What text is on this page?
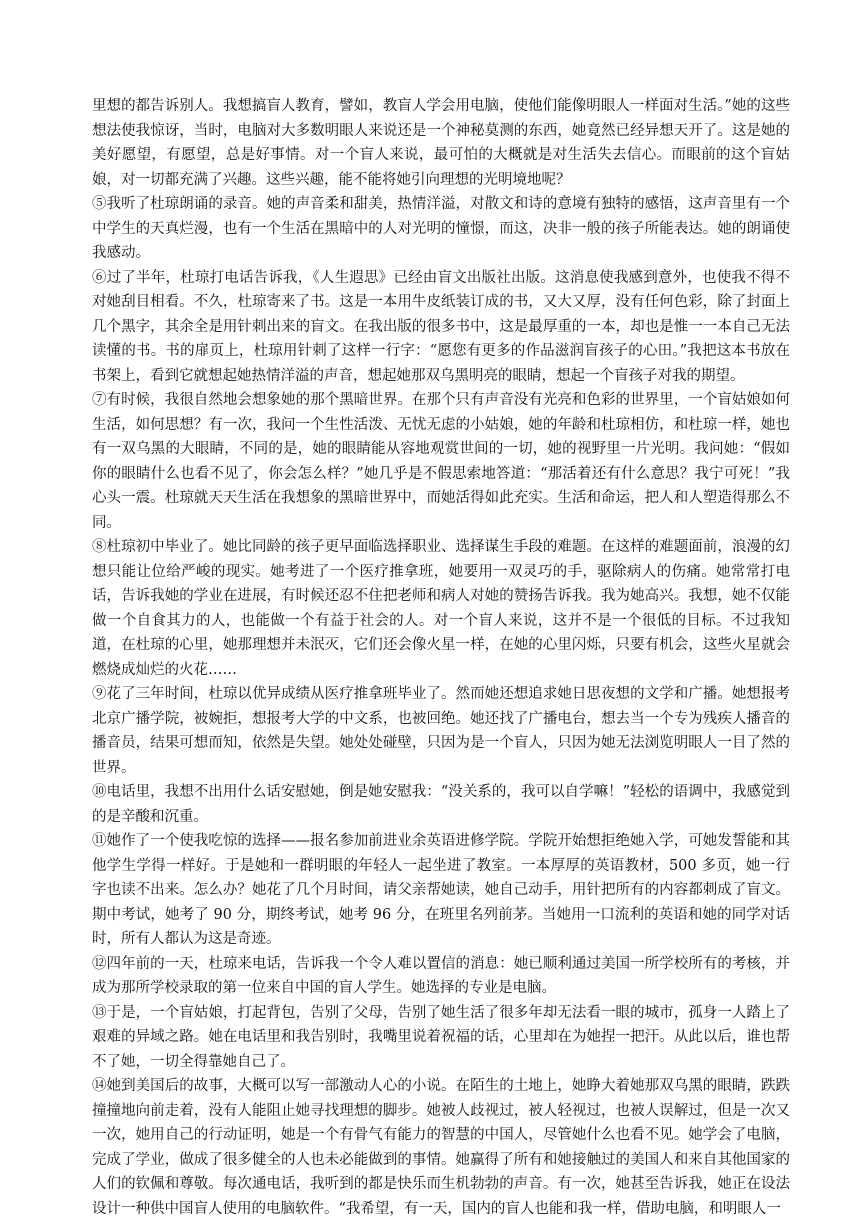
里想的都告诉别人。我想搞盲人教育，譬如，教盲人学会用电脑，使他们能像明眼人一样面对生活。”她的这些想法使我惊讶，当时，电脑对大多数明眼人来说还是一个神秘莫测的东西，她竟然已经异想天开了。这是她的美好愿望，有愿望，总是好事情。对一个盲人来说，最可怕的大概就是对生活失去信心。而眼前的这个盲姑娘，对一切都充满了兴趣。这些兴趣，能不能将她引向理想的光明境地呢？

⑤我听了杜琼朗诵的录音。她的声音柔和甜美，热情洋溢，对散文和诗的意境有独特的感悟，这声音里有一个中学生的天真烂漫，也有一个生活在黑暗中的人对光明的憧憬，而这，决非一般的孩子所能表达。她的朗诵使我感动。

⑥过了半年，杜琼打电话告诉我，《人生遐思》已经由盲文出版社出版。这消息使我感到意外，也使我不得不对她刮目相看。不久，杜琼寄来了书。这是一本用牛皮纸装订成的书，又大又厚，没有任何色彩，除了封面上几个黑字，其余全是用针刺出来的盲文。在我出版的很多书中，这是最厚重的一本，却也是惟一一本自己无法读懂的书。书的扉页上，杜琼用针刺了这样一行字：“愿您有更多的作品滋润盲孩子的心田。”我把这本书放在书架上，看到它就想起她热情洋溢的声音，想起她那双乌黑明亮的眼睛，想起一个盲孩子对我的期望。

⑦有时候，我很自然地会想象她的那个黑暗世界。在那个只有声音没有光亮和色彩的世界里，一个盲姑娘如何生活，如何思想？有一次，我问一个生性活泼、无忧无虑的小姑娘，她的年龄和杜琼相仿，和杜琼一样，她也有一双乌黑的大眼睛，不同的是，她的眼睛能从容地观赏世间的一切，她的视野里一片光明。我问她：“假如你的眼睛什么也看不见了，你会怎么样？”她几乎是不假思索地答道：“那活着还有什么意思？我宁可死！”我心头一震。杜琼就天天生活在我想象的黑暗世界中，而她活得如此充实。生活和命运，把人和人塑造得那么不同。

⑧杜琼初中毕业了。她比同龄的孩子更早面临选择职业、选择谋生手段的难题。在这样的难题面前，浪漫的幻想只能让位给严峻的现实。她考进了一个医疗推拿班，她要用一双灵巧的手，驱除病人的伤痛。她常常打电话，告诉我她的学业在进展，有时候还忍不住把老师和病人对她的赞扬告诉我。我为她高兴。我想，她不仅能做一个自食其力的人，也能做一个有益于社会的人。对一个盲人来说，这并不是一个很低的目标。不过我知道，在杜琼的心里，她那理想并未泯灭，它们还会像火星一样，在她的心里闪烁，只要有机会，这些火星就会燃烧成灿烂的火花……

⑨花了三年时间，杜琼以优异成绩从医疗推拿班毕业了。然而她还想追求她日思夜想的文学和广播。她想报考北京广播学院，被婉拒，想报考大学的中文系，也被回绝。她还找了广播电台，想去当一个专为残疾人播音的播音员，结果可想而知，依然是失望。她处处碰壁，只因为是一个盲人，只因为她无法浏览明眼人一目了然的世界。

⑩电话里，我想不出用什么话安慰她，倒是她安慰我：“没关系的，我可以自学嘛！”轻松的语调中，我感觉到的是辛酸和沉重。

⑪她作了一个使我吃惊的选择——报名参加前进业余英语进修学院。学院开始想拒绝她入学，可她发誓能和其他学生学得一样好。于是她和一群明眼的年轻人一起坐进了教室。一本厚厚的英语教材，500 多页，她一行字也读不出来。怎么办？她花了几个月时间，请父亲帮她读，她自己动手，用针把所有的内容都刺成了盲文。期中考试，她考了 90 分，期终考试，她考 96 分，在班里名列前茅。当她用一口流利的英语和她的同学对话时，所有人都认为这是奇迹。

⑫四年前的一天，杜琼来电话，告诉我一个令人难以置信的消息：她已顺利通过美国一所学校所有的考核，并成为那所学校录取的第一位来自中国的盲人学生。她选择的专业是电脑。

⑬于是，一个盲姑娘，打起背包，告别了父母，告别了她生活了很多年却无法看一眼的城市，孤身一人踏上了艰难的异域之路。她在电话里和我告别时，我嘴里说着祝福的话，心里却在为她捏一把汗。从此以后，谁也帮不了她，一切全得靠她自己了。

⑭她到美国后的故事，大概可以写一部激动人心的小说。在陌生的土地上，她睁大着她那双乌黑的眼睛，跌跌撞撞地向前走着，没有人能阻止她寻找理想的脚步。她被人歧视过，被人轻视过，也被人误解过，但是一次又一次，她用自己的行动证明，她是一个有骨气有能力的智慧的中国人，尽管她什么也看不见。她学会了电脑，完成了学业，做成了很多健全的人也未必能做到的事情。她赢得了所有和她接触过的美国人和来自其他国家的人们的钦佩和尊敬。每次通电话，我听到的都是快乐而生机勃勃的声音。有一次，她甚至告诉我，她正在设法设计一种供中国盲人使用的电脑软件。“我希望，有一天，国内的盲人也能和我一样，借助电脑，和明眼人一
